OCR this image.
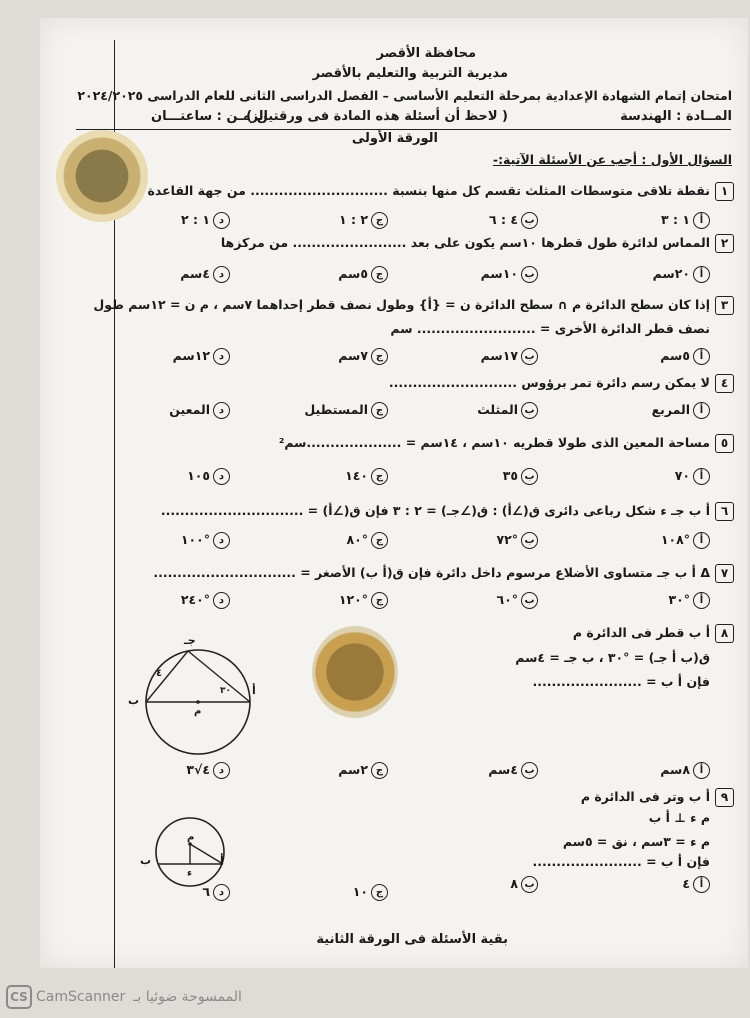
محافظة الأقصر
مديرية التربية والتعليم بالأقصر
امتحان إتمام الشهادة الإعدادية بمرحلة التعليم الأساسى – الفصل الدراسى الثانى للعام الدراسى ٢٠٢٤/٢٠٢٥
المــادة : الهندسة
( لاحظ أن أسئلة هذه المادة فى ورقتين )
الزمـن : ساعتـــان
الورقة الأولى
السؤال الأول : أجب عن الأسئلة الآتية:-
١
نقطة تلاقى متوسطات المثلث تقسم كل منها بنسبة ............................. من جهة القاعدة
أ١ : ٣
ب٤ : ٦
ج٢ : ١
د١ : ٢
٢
المماس لدائرة طول قطرها ١٠سم يكون على بعد ........................ من مركزها
أ٢٠سم
ب١٠سم
ج٥سم
د٤سم
٣
إذا كان سطح الدائرة م ∩ سطح الدائرة ن = {أ} وطول نصف قطر إحداهما ٧سم ، م ن = ١٢سم طول
نصف قطر الدائرة الأخرى = ......................... سم
أ٥سم
ب١٧سم
ج٧سم
د١٢سم
٤
لا يمكن رسم دائرة تمر برؤوس ...........................
أالمربع
بالمثلث
جالمستطيل
دالمعين
٥
مساحة المعين الذى طولا قطريه ١٠سم ، ١٤سم = ....................سم²
أ٧٠
ب٣٥
ج١٤٠
د١٠٥
٦
أ ب جـ ء شكل رباعى دائرى ق(∠أ) : ق(∠جـ) = ٢ : ٣ فإن ق(∠أ) = ..............................
أ°١٠٨
ب°٧٢
ج°٨٠
د°١٠٠
٧
Δ أ ب جـ متساوى الأضلاع مرسوم داخل دائرة فإن ق(أ ب) الأصغر = ..............................
أ°٣٠
ب°٦٠
ج°١٢٠
د°٢٤٠
٨
أ ب قطر فى الدائرة م
ق(ب أ جـ) = °٣٠ ، ب جـ = ٤سم
فإن أ ب = .......................
أ
ب
جـ
م
٤
٣٠
أ٨سم
ب٤سم
ج٢سم
د٤√٣
٩
أ ب وتر فى الدائرة م
م ء ⊥ أ ب
م ء = ٣سم ، نق = ٥سم
فإن أ ب = .......................
أ
ب
م
ء
أ٤
ب٨
ج١٠
د٦
بقية الأسئلة فى الورقة الثانية
CS CamScanner الممسوحة ضوئيا بـ
